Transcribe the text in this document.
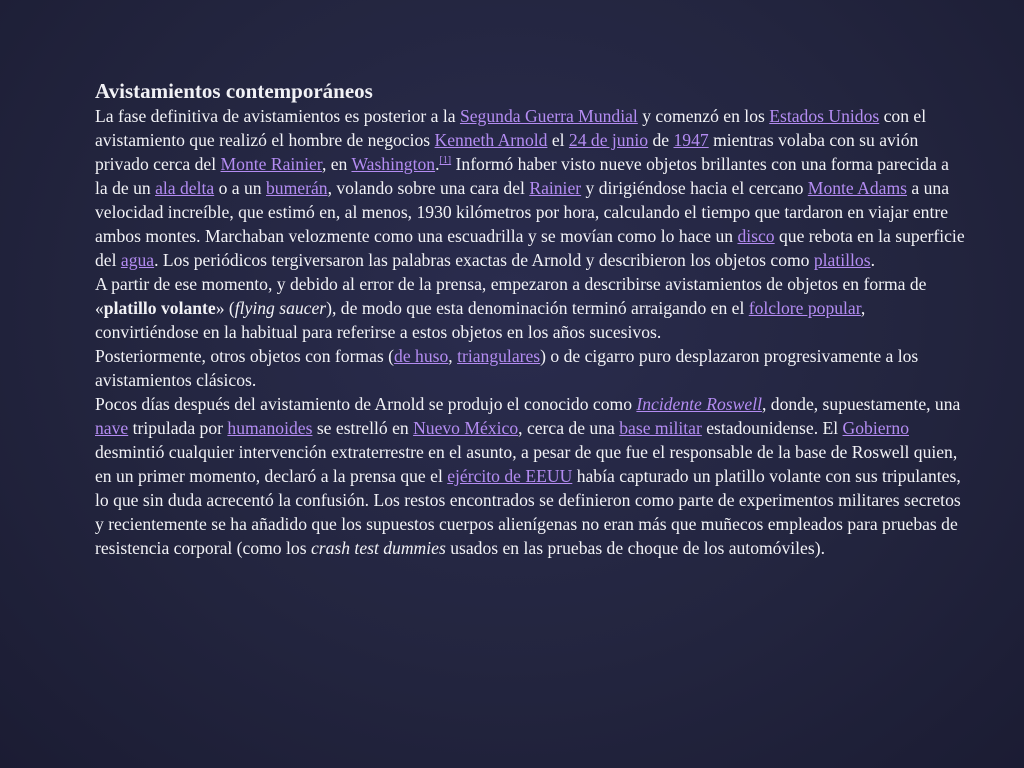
Avistamientos contemporáneos

La fase definitiva de avistamientos es posterior a la Segunda Guerra Mundial y comenzó en los Estados Unidos con el avistamiento que realizó el hombre de negocios Kenneth Arnold el 24 de junio de 1947 mientras volaba con su avión privado cerca del Monte Rainier, en Washington.[1] Informó haber visto nueve objetos brillantes con una forma parecida a la de un ala delta o a un bumerán, volando sobre una cara del Rainier y dirigiéndose hacia el cercano Monte Adams a una velocidad increíble, que estimó en, al menos, 1930 kilómetros por hora, calculando el tiempo que tardaron en viajar entre ambos montes. Marchaban velozmente como una escuadrilla y se movían como lo hace un disco que rebota en la superficie del agua. Los periódicos tergiversaron las palabras exactas de Arnold y describieron los objetos como platillos.

A partir de ese momento, y debido al error de la prensa, empezaron a describirse avistamientos de objetos en forma de «platillo volante» (flying saucer), de modo que esta denominación terminó arraigando en el folclore popular, convirtiéndose en la habitual para referirse a estos objetos en los años sucesivos.

Posteriormente, otros objetos con formas (de huso, triangulares) o de cigarro puro desplazaron progresivamente a los avistamientos clásicos.

Pocos días después del avistamiento de Arnold se produjo el conocido como Incidente Roswell, donde, supuestamente, una nave tripulada por humanoides se estrelló en Nuevo México, cerca de una base militar estadounidense. El Gobierno desmintió cualquier intervención extraterrestre en el asunto, a pesar de que fue el responsable de la base de Roswell quien, en un primer momento, declaró a la prensa que el ejército de EEUU había capturado un platillo volante con sus tripulantes, lo que sin duda acrecentó la confusión. Los restos encontrados se definieron como parte de experimentos militares secretos y recientemente se ha añadido que los supuestos cuerpos alienígenas no eran más que muñecos empleados para pruebas de resistencia corporal (como los crash test dummies usados en las pruebas de choque de los automóviles).
